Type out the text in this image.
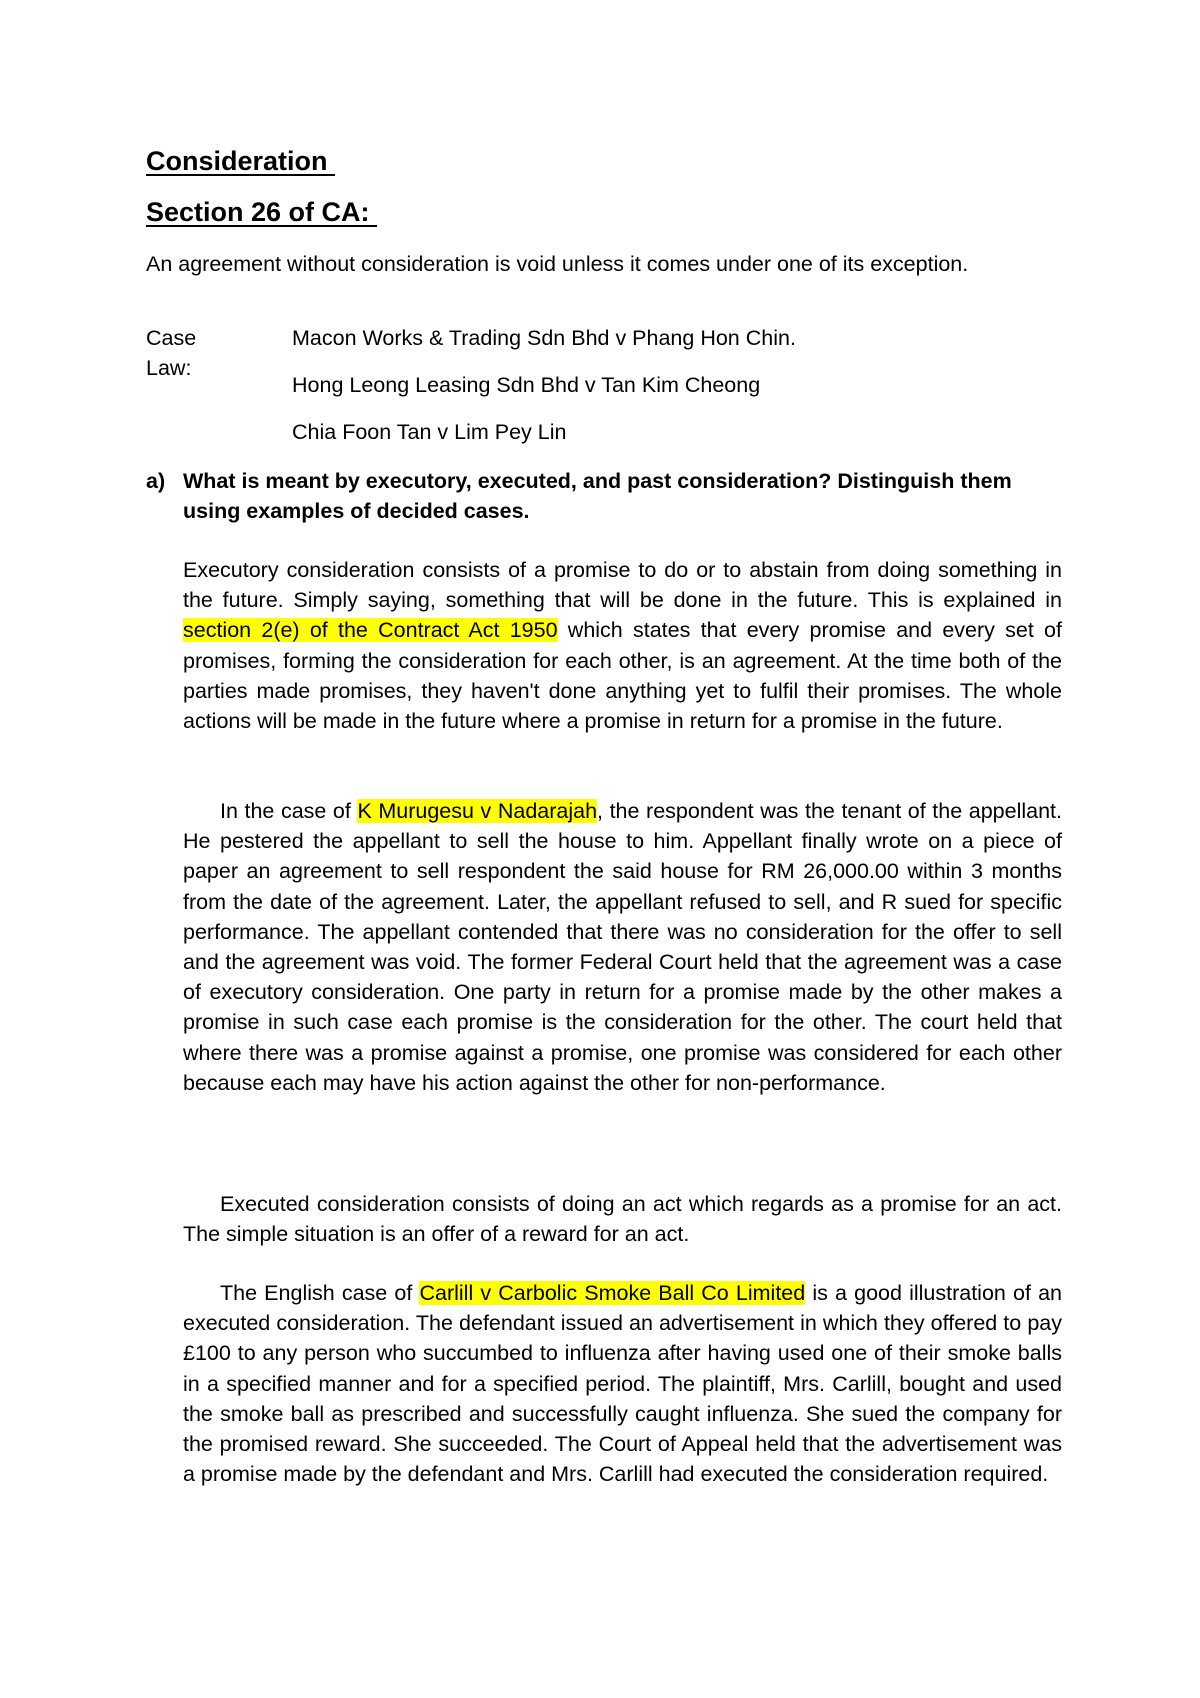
Consideration
Section 26 of CA:

An agreement without consideration is void unless it comes under one of its exception.

Case Law:
Macon Works & Trading Sdn Bhd v Phang Hon Chin.
Hong Leong Leasing Sdn Bhd v Tan Kim Cheong
Chia Foon Tan v Lim Pey Lin
a) What is meant by executory, executed, and past consideration? Distinguish them using examples of decided cases.

Executory consideration consists of a promise to do or to abstain from doing something in the future. Simply saying, something that will be done in the future. This is explained in section 2(e) of the Contract Act 1950 which states that every promise and every set of promises, forming the consideration for each other, is an agreement. At the time both of the parties made promises, they haven't done anything yet to fulfil their promises. The whole actions will be made in the future where a promise in return for a promise in the future.

In the case of K Murugesu v Nadarajah, the respondent was the tenant of the appellant. He pestered the appellant to sell the house to him. Appellant finally wrote on a piece of paper an agreement to sell respondent the said house for RM 26,000.00 within 3 months from the date of the agreement. Later, the appellant refused to sell, and R sued for specific performance. The appellant contended that there was no consideration for the offer to sell and the agreement was void. The former Federal Court held that the agreement was a case of executory consideration. One party in return for a promise made by the other makes a promise in such case each promise is the consideration for the other. The court held that where there was a promise against a promise, one promise was considered for each other because each may have his action against the other for non-performance.

Executed consideration consists of doing an act which regards as a promise for an act. The simple situation is an offer of a reward for an act.

The English case of Carlill v Carbolic Smoke Ball Co Limited is a good illustration of an executed consideration. The defendant issued an advertisement in which they offered to pay £100 to any person who succumbed to influenza after having used one of their smoke balls in a specified manner and for a specified period. The plaintiff, Mrs. Carlill, bought and used the smoke ball as prescribed and successfully caught influenza. She sued the company for the promised reward. She succeeded. The Court of Appeal held that the advertisement was a promise made by the defendant and Mrs. Carlill had executed the consideration required.
